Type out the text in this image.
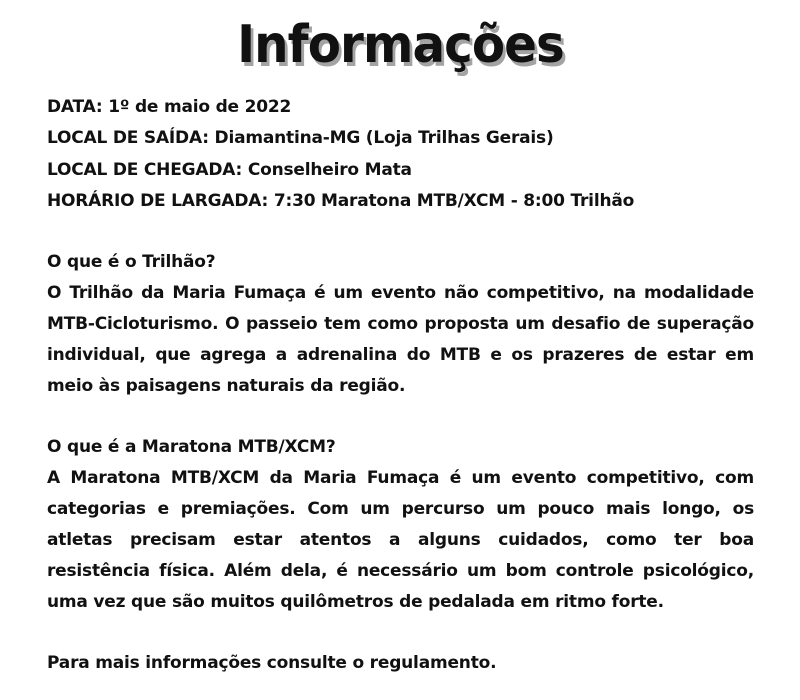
Informações

DATA: 1º de maio de 2022

LOCAL DE SAÍDA: Diamantina-MG (Loja Trilhas Gerais)

LOCAL DE CHEGADA: Conselheiro Mata

HORÁRIO DE LARGADA: 7:30 Maratona MTB/XCM - 8:00 Trilhão

O que é o Trilhão?

O Trilhão da Maria Fumaça é um evento não competitivo, na modalidade MTB-Cicloturismo. O passeio tem como proposta um desafio de superação individual, que agrega a adrenalina do MTB e os prazeres de estar em meio às paisagens naturais da região.

O que é a Maratona MTB/XCM?

A Maratona MTB/XCM da Maria Fumaça é um evento competitivo, com categorias e premiações. Com um percurso um pouco mais longo, os atletas precisam estar atentos a alguns cuidados, como ter boa resistência física. Além dela, é necessário um bom controle psicológico, uma vez que são muitos quilômetros de pedalada em ritmo forte.

Para mais informações consulte o regulamento.
